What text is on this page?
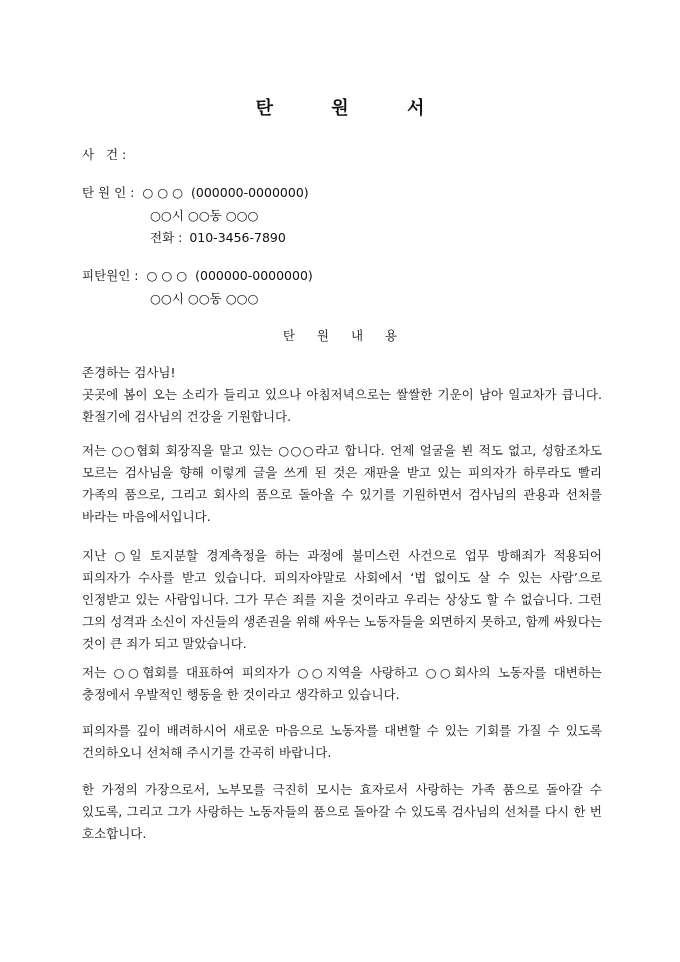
탄 원 서
사   건 :
탄 원 인 : ○ ○ ○ (000000-0000000)
○○시 ○○동 ○○○
전화 : 010-3456-7890
피탄원인 : ○ ○ ○ (000000-0000000)
○○시 ○○동 ○○○
탄 원 내 용
존경하는 검사님!
곳곳에 봄이 오는 소리가 들리고 있으나 아침저녁으로는 쌀쌀한 기운이 남아 일교차가 큽니다. 환절기에 검사님의 건강을 기원합니다.
저는 ○○협회 회장직을 맡고 있는 ○○○라고 합니다. 언제 얼굴을 뵌 적도 없고, 성함조차도 모르는 검사님을 향해 이렇게 글을 쓰게 된 것은 재판을 받고 있는 피의자가 하루라도 빨리 가족의 품으로, 그리고 회사의 품으로 돌아올 수 있기를 기원하면서 검사님의 관용과 선처를 바라는 마음에서입니다.
지난 ○일 토지분할 경계측정을 하는 과정에 불미스런 사건으로 업무 방해죄가 적용되어 피의자가 수사를 받고 있습니다. 피의자야말로 사회에서 ‘법 없이도 살 수 있는 사람’으로 인정받고 있는 사람입니다. 그가 무슨 죄를 지을 것이라고 우리는 상상도 할 수 없습니다. 그런 그의 성격과 소신이 자신들의 생존권을 위해 싸우는 노동자들을 외면하지 못하고, 함께 싸웠다는 것이 큰 죄가 되고 말았습니다.
저는 ○○협회를 대표하여 피의자가 ○○지역을 사랑하고 ○○회사의 노동자를 대변하는 충정에서 우발적인 행동을 한 것이라고 생각하고 있습니다.
피의자를 깊이 배려하시어 새로운 마음으로 노동자를 대변할 수 있는 기회를 가질 수 있도록 건의하오니 선처해 주시기를 간곡히 바랍니다.
한 가정의 가장으로서, 노부모를 극진히 모시는 효자로서 사랑하는 가족 품으로 돌아갈 수 있도록, 그리고 그가 사랑하는 노동자들의 품으로 돌아갈 수 있도록 검사님의 선처를 다시 한 번 호소합니다.
